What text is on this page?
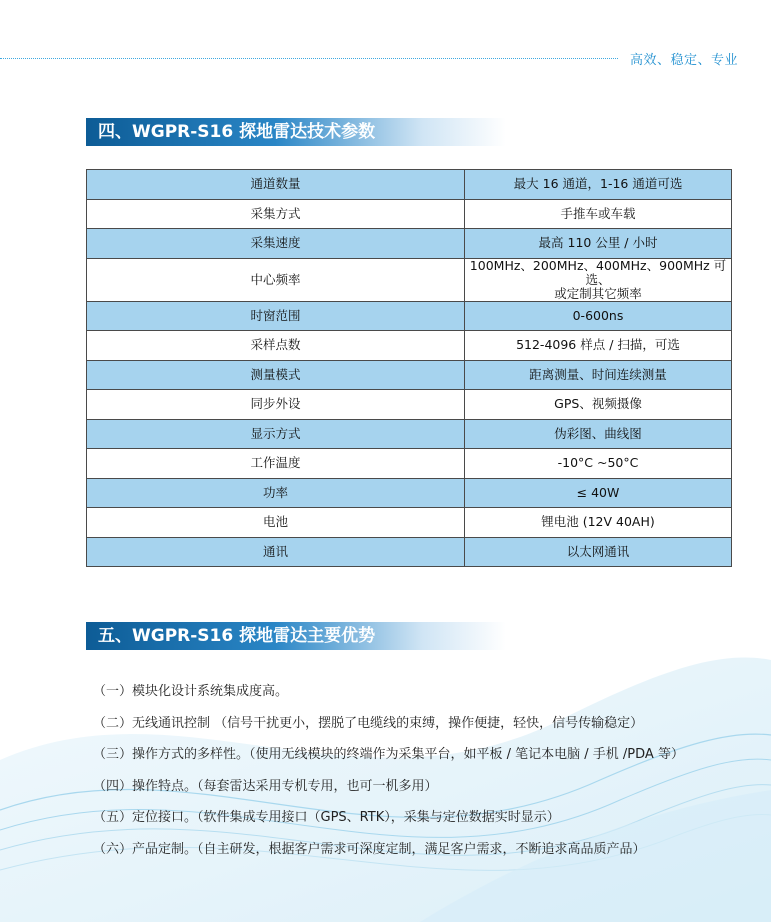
高效、稳定、专业
四、WGPR-S16 探地雷达技术参数
通道数量	最大 16 通道，1-16 通道可选
采集方式	手推车或车载
采集速度	最高 110 公里 / 小时
中心频率	100MHz、200MHz、400MHz、900MHz 可选、
或定制其它频率
时窗范围	0-600ns
采样点数	512-4096 样点 / 扫描，可选
测量模式	距离测量、时间连续测量
同步外设	GPS、视频摄像
显示方式	伪彩图、曲线图
工作温度	-10°C ~50°C
功率	≤ 40W
电池	锂电池 (12V 40AH)
通讯	以太网通讯
五、WGPR-S16 探地雷达主要优势
（一）模块化设计系统集成度高。
（二）无线通讯控制 （信号干扰更小，摆脱了电缆线的束缚，操作便捷，轻快，信号传输稳定）
（三）操作方式的多样性。（使用无线模块的终端作为采集平台，如平板 / 笔记本电脑 / 手机 /PDA 等）
（四）操作特点。（每套雷达采用专机专用，也可一机多用）
（五）定位接口。（软件集成专用接口（GPS、RTK），采集与定位数据实时显示）
（六）产品定制。（自主研发，根据客户需求可深度定制，满足客户需求，不断追求高品质产品）
